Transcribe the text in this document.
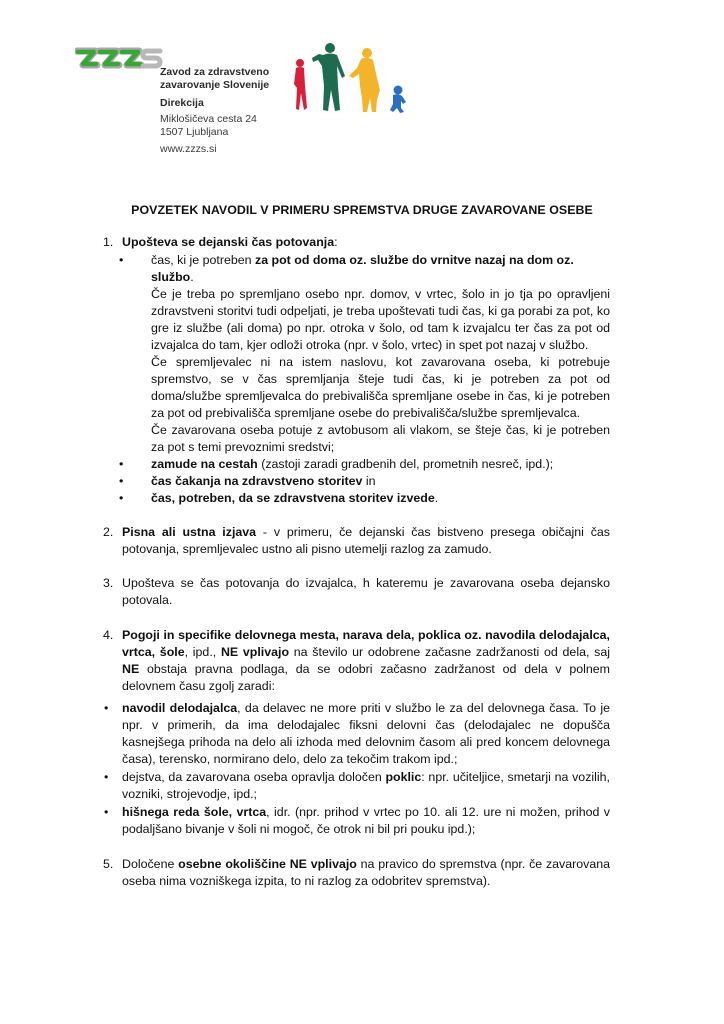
Zavod za zdravstveno
zavarovanje Slovenije
Direkcija
Miklošičeva cesta 24
1507 Ljubljana
www.zzzs.si
POVZETEK NAVODIL V PRIMERU SPREMSTVA DRUGE ZAVAROVANE OSEBE
1. Upošteva se dejanski čas potovanja:
• čas, ki je potreben za pot od doma oz. službe do vrnitve nazaj na dom oz. službo.
Če je treba po spremljano osebo npr. domov, v vrtec, šolo in jo tja po opravljeni zdravstveni storitvi tudi odpeljati, je treba upoštevati tudi čas, ki ga porabi za pot, ko gre iz službe (ali doma) po npr. otroka v šolo, od tam k izvajalcu ter čas za pot od izvajalca do tam, kjer odloži otroka (npr. v šolo, vrtec) in spet pot nazaj v službo.
Če spremljevalec ni na istem naslovu, kot zavarovana oseba, ki potrebuje spremstvo, se v čas spremljanja šteje tudi čas, ki je potreben za pot od doma/službe spremljevalca do prebivališča spremljane osebe in čas, ki je potreben za pot od prebivališča spremljane osebe do prebivališča/službe spremljevalca.
Če zavarovana oseba potuje z avtobusom ali vlakom, se šteje čas, ki je potreben za pot s temi prevoznimi sredstvi;
• zamude na cestah (zastoji zaradi gradbenih del, prometnih nesreč, ipd.);
• čas čakanja na zdravstveno storitev in
• čas, potreben, da se zdravstvena storitev izvede.
2. Pisna ali ustna izjava - v primeru, če dejanski čas bistveno presega običajni čas potovanja, spremljevalec ustno ali pisno utemelji razlog za zamudo.
3. Upošteva se čas potovanja do izvajalca, h kateremu je zavarovana oseba dejansko potovala.
4. Pogoji in specifike delovnega mesta, narava dela, poklica oz. navodila delodajalca, vrtca, šole, ipd., NE vplivajo na število ur odobrene začasne zadržanosti od dela, saj NE obstaja pravna podlaga, da se odobri začasno zadržanost od dela v polnem delovnem času zgolj zaradi:
• navodil delodajalca, da delavec ne more priti v službo le za del delovnega časa. To je npr. v primerih, da ima delodajalec fiksni delovni čas (delodajalec ne dopušča kasnejšega prihoda na delo ali izhoda med delovnim časom ali pred koncem delovnega časa), terensko, normirano delo, delo za tekočim trakom ipd.;
• dejstva, da zavarovana oseba opravlja določen poklic: npr. učiteljice, smetarji na vozilih, vozniki, strojevodje, ipd.;
• hišnega reda šole, vrtca, idr. (npr. prihod v vrtec po 10. ali 12. ure ni možen, prihod v podaljšano bivanje v šoli ni mogoč, če otrok ni bil pri pouku ipd.);
5. Določene osebne okoliščine NE vplivajo na pravico do spremstva (npr. če zavarovana oseba nima vozniškega izpita, to ni razlog za odobritev spremstva).
